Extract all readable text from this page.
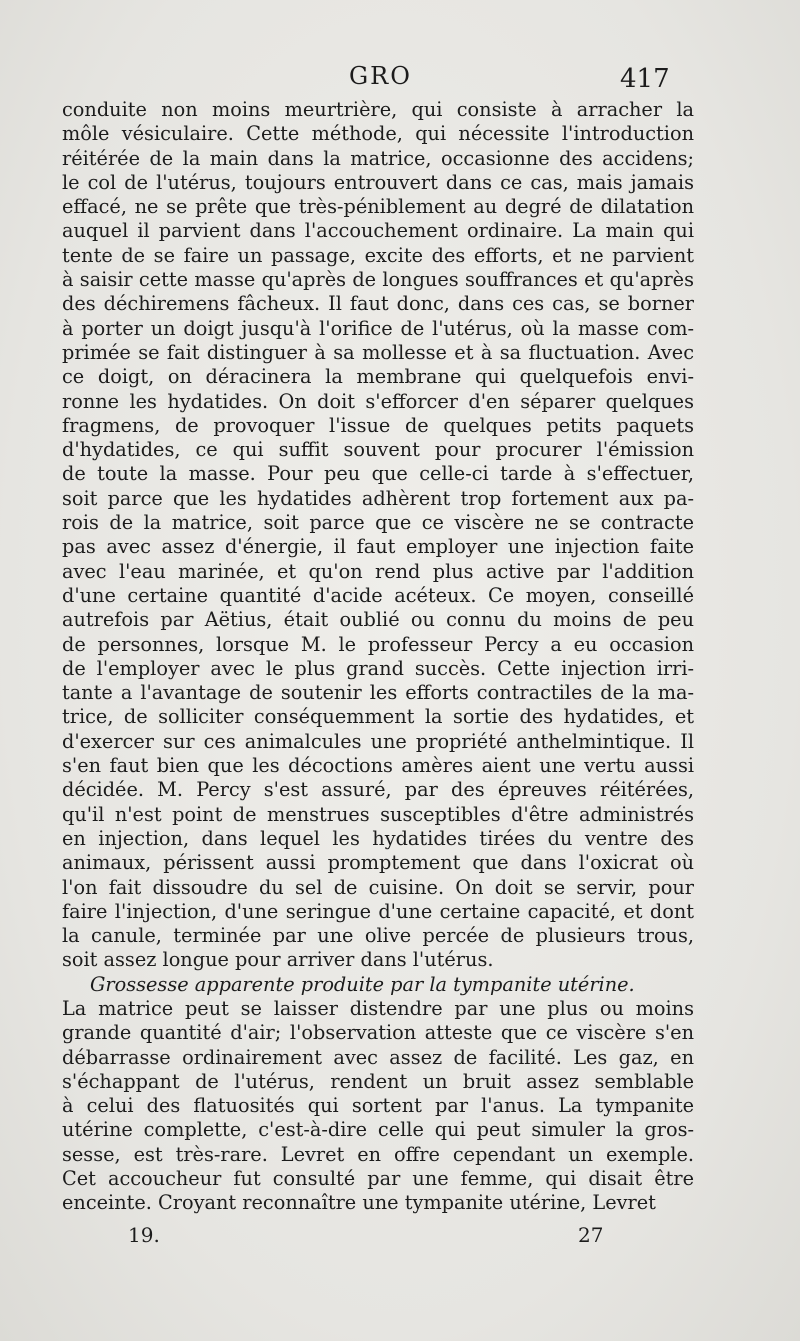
GRO	417
conduite non moins meurtrière, qui consiste à arracher la
môle vésiculaire. Cette méthode, qui nécessite l'introduction
réitérée de la main dans la matrice, occasionne des accidens;
le col de l'utérus, toujours entrouvert dans ce cas, mais jamais
effacé, ne se prête que très-péniblement au degré de dilatation
auquel il parvient dans l'accouchement ordinaire. La main qui
tente de se faire un passage, excite des efforts, et ne parvient
à saisir cette masse qu'après de longues souffrances et qu'après
des déchiremens fâcheux. Il faut donc, dans ces cas, se borner
à porter un doigt jusqu'à l'orifice de l'utérus, où la masse com-
primée se fait distinguer à sa mollesse et à sa fluctuation. Avec
ce doigt, on déracinera la membrane qui quelquefois envi-
ronne les hydatides. On doit s'efforcer d'en séparer quelques
fragmens, de provoquer l'issue de quelques petits paquets
d'hydatides, ce qui suffit souvent pour procurer l'émission
de toute la masse. Pour peu que celle-ci tarde à s'effectuer,
soit parce que les hydatides adhèrent trop fortement aux pa-
rois de la matrice, soit parce que ce viscère ne se contracte
pas avec assez d'énergie, il faut employer une injection faite
avec l'eau marinée, et qu'on rend plus active par l'addition
d'une certaine quantité d'acide acéteux. Ce moyen, conseillé
autrefois par Aëtius, était oublié ou connu du moins de peu
de personnes, lorsque M. le professeur Percy a eu occasion
de l'employer avec le plus grand succès. Cette injection irri-
tante a l'avantage de soutenir les efforts contractiles de la ma-
trice, de solliciter conséquemment la sortie des hydatides, et
d'exercer sur ces animalcules une propriété anthelmintique. Il
s'en faut bien que les décoctions amères aient une vertu aussi
décidée. M. Percy s'est assuré, par des épreuves réitérées,
qu'il n'est point de menstrues susceptibles d'être administrés
en injection, dans lequel les hydatides tirées du ventre des
animaux, périssent aussi promptement que dans l'oxicrat où
l'on fait dissoudre du sel de cuisine. On doit se servir, pour
faire l'injection, d'une seringue d'une certaine capacité, et dont
la canule, terminée par une olive percée de plusieurs trous,
soit assez longue pour arriver dans l'utérus.
Grossesse apparente produite par la tympanite utérine.
La matrice peut se laisser distendre par une plus ou moins
grande quantité d'air; l'observation atteste que ce viscère s'en
débarrasse ordinairement avec assez de facilité. Les gaz, en
s'échappant de l'utérus, rendent un bruit assez semblable
à celui des flatuosités qui sortent par l'anus. La tympanite
utérine complette, c'est-à-dire celle qui peut simuler la gros-
sesse, est très-rare. Levret en offre cependant un exemple.
Cet accoucheur fut consulté par une femme, qui disait être
enceinte. Croyant reconnaître une tympanite utérine, Levret
19.	27
